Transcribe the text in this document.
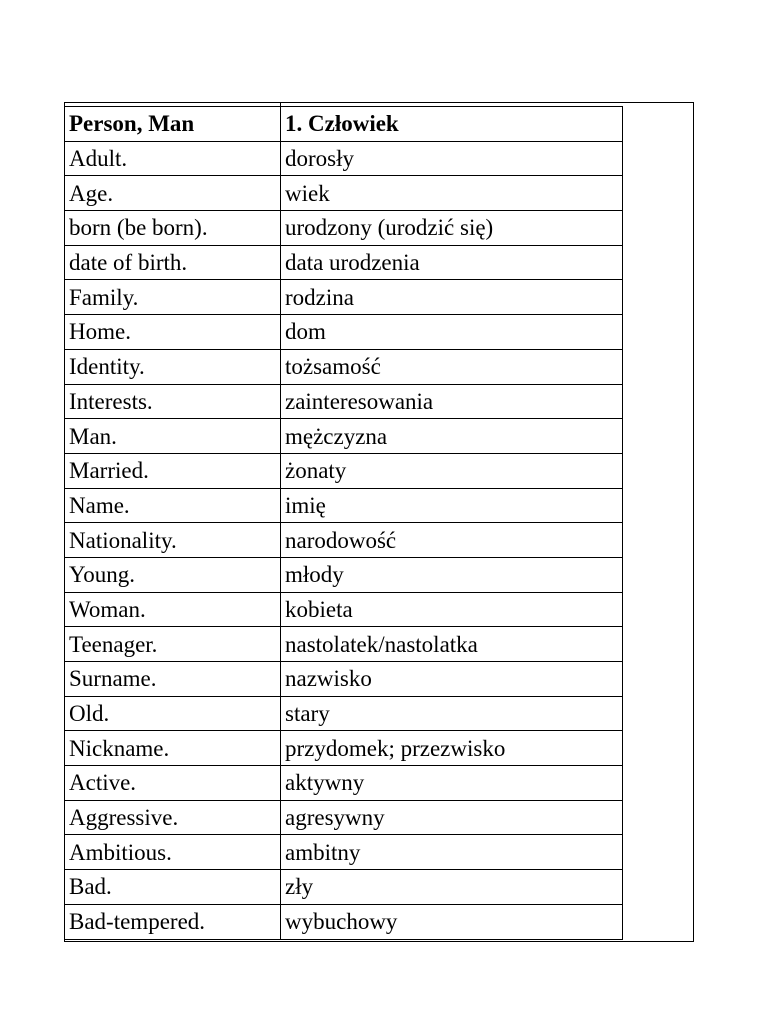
Person, Man	1. Człowiek
Adult.	dorosły
Age.	wiek
born (be born).	urodzony (urodzić się)
date of birth.	data urodzenia
Family.	rodzina
Home.	dom
Identity.	tożsamość
Interests.	zainteresowania
Man.	mężczyzna
Married.	żonaty
Name.	imię
Nationality.	narodowość
Young.	młody
Woman.	kobieta
Teenager.	nastolatek/nastolatka
Surname.	nazwisko
Old.	stary
Nickname.	przydomek; przezwisko
Active.	aktywny
Aggressive.	agresywny
Ambitious.	ambitny
Bad.	zły
Bad-tempered.	wybuchowy
